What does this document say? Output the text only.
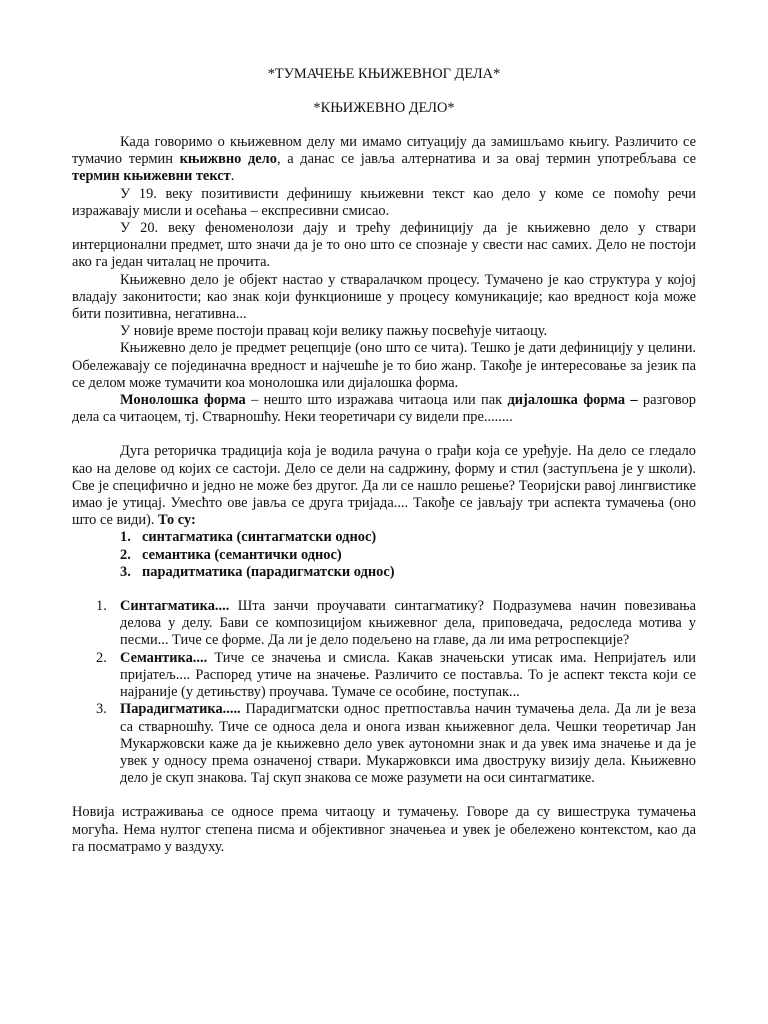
*ТУМАЧЕЊЕ КЊИЖЕВНОГ ДЕЛА*

*КЊИЖЕВНО ДЕЛО*

Када говоримо о књижевном делу ми имамо ситуацију да замишљамо књигу. Различито се тумачио термин књижвно дело, а данас се јавља алтернатива и за овај термин употребљава се термин књижевни текст.

У 19. веку позитивисти дефинишу књижевни текст као дело у коме се помоћу речи изражавају мисли и осећања – експресивни смисао.

У 20. веку феноменолози дају и трећу дефиницију да је књижевно дело у ствари интерционални предмет, што значи да је то оно што се спознаје у свести нас самих. Дело не постоји ако га један читалац не прочита.

Књижевно дело је објект настао у стваралачком процесу. Тумачено је као структура у којој владају законитости; као знак који функционише у процесу комуникације; као вредност која може бити позитивна, негативна...

У новије време постоји правац који велику пажњу посвећује читаоцу.

Књижевно дело је предмет рецепције (оно што се чита). Тешко је дати дефиницију у целини. Обележавају се појединачна вредност и најчешће је то био жанр. Такође је интересовање за језик па се делом може тумачити коа монолошка или дијалошка форма.

Монолошка форма – нешто што изражава читаоца или пак дијалошка форма – разговор дела са читаоцем, тј. Стварношћу. Неки теоретичари су видели пре........

Дуга реторичка традиција која је водила рачуна о грађи која се уређује. На дело се гледало као на делове од којих се састоји. Дело се дели на садржину, форму и стил (заступљена је у школи). Све је специфично и једно не може без другог. Да ли се нашло решење? Теоријски равој лингвистике имао је утицај. Умесћто ове јавља се друга тријада.... Такође се јављају три аспекта тумачења (оно што се види). То су:

1. синтагматика (синтагматски однос)
2. семантика (семантички однос)
3. парадитматика (парадигматски однос)
1. Синтагматика.... Шта занчи проучавати синтагматику? Подразумева начин повезивања делова у делу. Бави се композицијом књижевног дела, приповедача, редоследа мотива у песми... Тиче се форме. Да ли је дело подељено на главе, да ли има ретроспекције?
2. Семантика.... Тиче се значења и смисла. Какав значењски утисак има. Непријатељ или пријатељ.... Распоред утиче на значење. Различито се поставља. То је аспект текста који се најраније (у детињству) проучава. Тумаче се особине, поступак...
3. Парадигматика..... Парадигматски однос претпоставља начин тумачења дела. Да ли је веза са стварношћу. Тиче се односа дела и онога изван књижевног дела. Чешки теоретичар Јан Мукаржовски каже да је књижевно дело увек аутономни знак и да увек има значење и да је увек у односу према означеној ствари. Мукаржовкси има двоструку визију дела. Књижевно дело је скуп знакова. Тај скуп знакова се може разумети на оси синтагматике.

Новија истраживања се односе према читаоцу и тумачењу. Говоре да су вишеструка тумачења могућа. Нема нултог степена писма и објективног значењеа и увек је обележено контекстом, као да га посматрамо у ваздуху.
